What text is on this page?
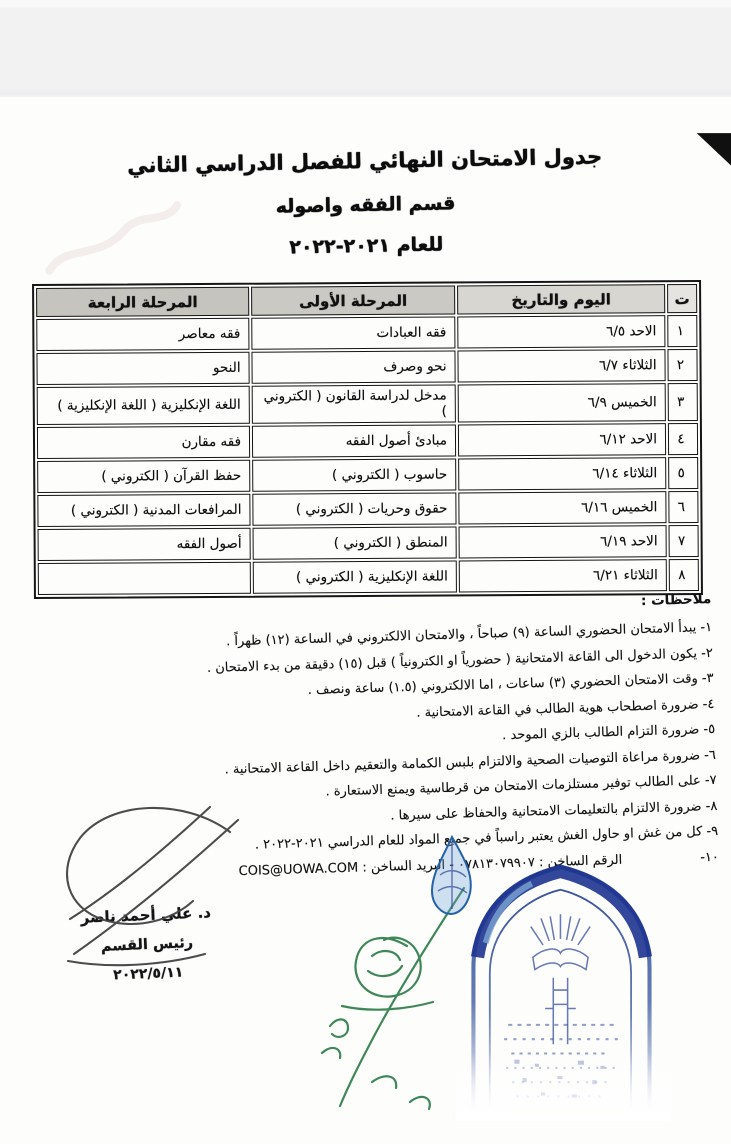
جدول الامتحان النهائي للفصل الدراسي الثاني
قسم الفقه واصوله
للعام ٢٠٢١-٢٠٢٢
ت	اليوم والتاريخ	المرحلة الأولى	المرحلة الرابعة
١	الاحد ٦/٥	فقه العبادات	فقه معاصر
٢	الثلاثاء ٦/٧	نحو وصرف	النحو
٣	الخميس ٦/٩	مدخل لدراسة القانون ( الكتروني )	اللغة الإنكليزية ( اللغة الإنكليزية )
٤	الاحد ٦/١٢	مبادئ أصول الفقه	فقه مقارن
٥	الثلاثاء ٦/١٤	حاسوب ( الكتروني )	حفظ القرآن ( الكتروني )
٦	الخميس ٦/١٦	حقوق وحريات ( الكتروني )	المرافعات المدنية ( الكتروني )
٧	الاحد ٦/١٩	المنطق ( الكتروني )	أصول الفقه
٨	الثلاثاء ٦/٢١	اللغة الإنكليزية ( الكتروني )	
ملاحظات :
١- يبدأ الامتحان الحضوري الساعة (٩) صباحاً ، والامتحان الالكتروني في الساعة (١٢) ظهراً .
٢- يكون الدخول الى القاعة الامتحانية ( حضورياً او الكترونياً ) قبل (١٥) دقيقة من بدء الامتحان .
٣- وقت الامتحان الحضوري (٣) ساعات ، اما الالكتروني (١.٥) ساعة ونصف .
٤- ضرورة اصطحاب هوية الطالب في القاعة الامتحانية .
٥- ضرورة التزام الطالب بالزي الموحد .
٦- ضرورة مراعاة التوصيات الصحية والالتزام بلبس الكمامة والتعقيم داخل القاعة الامتحانية .
٧- على الطالب توفير مستلزمات الامتحان من قرطاسية ويمنع الاستعارة .
٨- ضرورة الالتزام بالتعليمات الامتحانية والحفاظ على سيرها .
٩- كل من غش او حاول الغش يعتبر راسباً في جميع المواد للعام الدراسي ٢٠٢١-٢٠٢٢ .
١٠-الرقم الساخن : ٠٧٨١٣٠٧٩٩٠٧ - البريد الساخن : COIS@UOWA.COM
د. علي أحمد ناصر
رئيس القسم
٢٠٢٢/٥/١١
